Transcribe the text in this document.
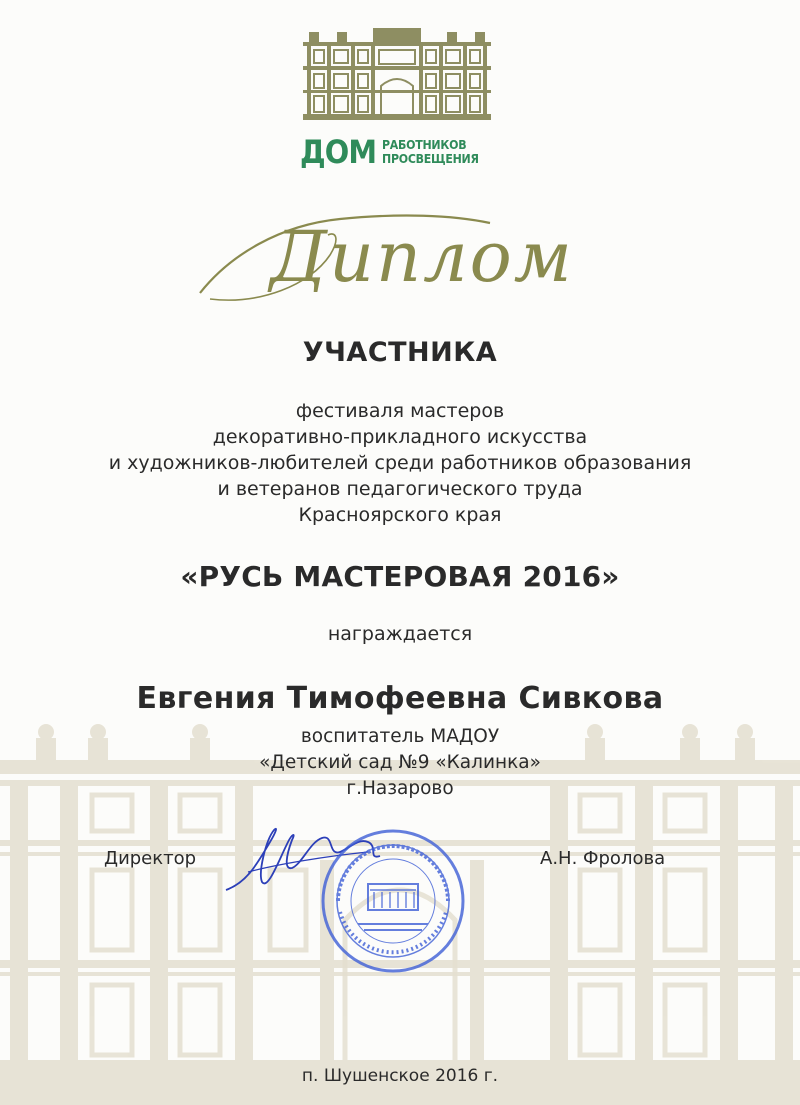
ДОМ РАБОТНИКОВ
ПРОСВЕЩЕНИЯ
Диплом
УЧАСТНИКА
фестиваля мастеров
декоративно-прикладного искусства
и художников-любителей среди работников образования
и ветеранов педагогического труда
Красноярского края
«РУСЬ МАСТЕРОВАЯ 2016»
награждается
Евгения Тимофеевна Сивкова
воспитатель МАДОУ
«Детский сад №9 «Калинка»
г.Назарово
Директор	А.Н. Фролова
п. Шушенское 2016 г.
